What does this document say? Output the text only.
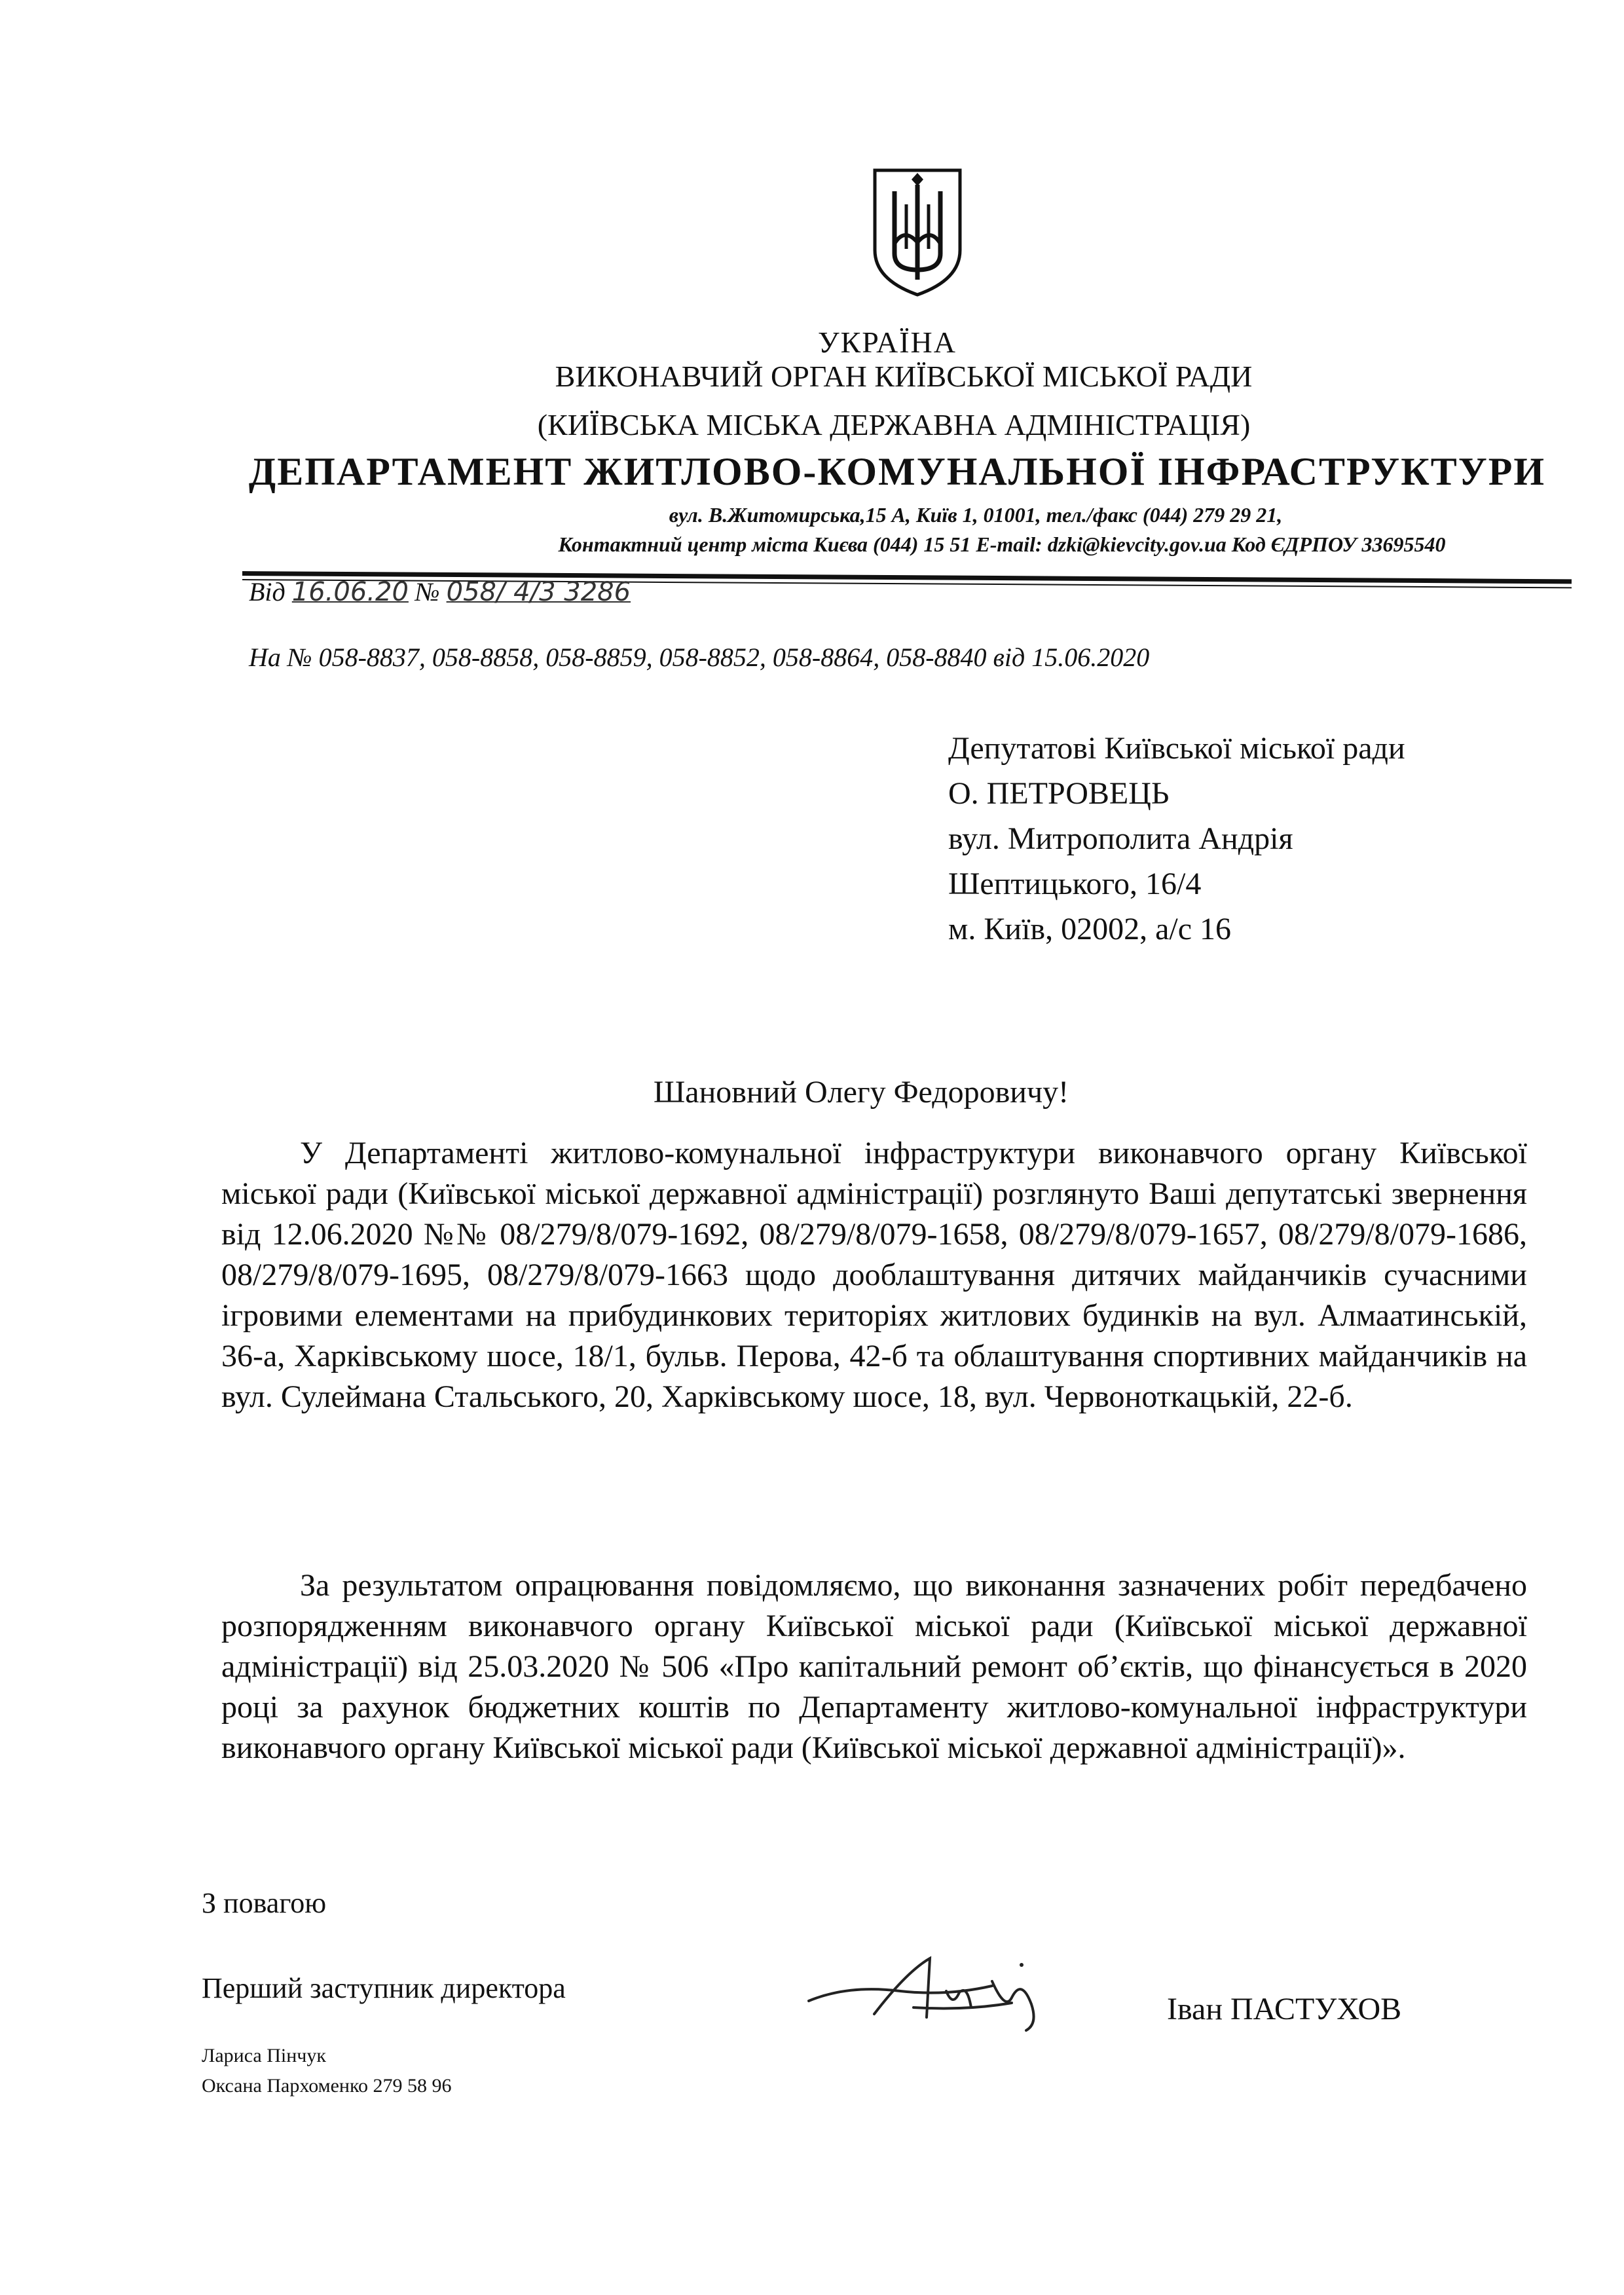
УКРАЇНА
ВИКОНАВЧИЙ ОРГАН КИЇВСЬКОЇ МІСЬКОЇ РАДИ
(КИЇВСЬКА МІСЬКА ДЕРЖАВНА АДМІНІСТРАЦІЯ)
ДЕПАРТАМЕНТ ЖИТЛОВО-КОМУНАЛЬНОЇ ІНФРАСТРУКТУРИ
вул. В.Житомирська,15 А, Київ 1, 01001, тел./факс (044) 279 29 21,
Контактний центр міста Києва (044) 15 51 E-mail: dzki@kievcity.gov.ua Код ЄДРПОУ 33695540
Від 16.06.20 № 058/ 4/3 3286
На № 058-8837, 058-8858, 058-8859, 058-8852, 058-8864, 058-8840 від 15.06.2020
Депутатові Київської міської ради
О. ПЕТРОВЕЦЬ
вул. Митрополита Андрія
Шептицького, 16/4
м. Київ, 02002, а/с 16
Шановний Олегу Федоровичу!
У Департаменті житлово-комунальної інфраструктури виконавчого органу Київської міської ради (Київської міської державної адміністрації) розглянуто Ваші депутатські звернення від 12.06.2020 №№ 08/279/8/079-1692, 08/279/8/079-1658, 08/279/8/079-1657, 08/279/8/079-1686, 08/279/8/079-1695, 08/279/8/079-1663 щодо дооблаштування дитячих майданчиків сучасними ігровими елементами на прибудинкових територіях житлових будинків на вул. Алмаатинській, 36-а, Харківському шосе, 18/1, бульв. Перова, 42-б та облаштування спортивних майданчиків на вул. Сулеймана Стальського, 20, Харківському шосе, 18, вул. Червоноткацькій, 22-б.
За результатом опрацювання повідомляємо, що виконання зазначених робіт передбачено розпорядженням виконавчого органу Київської міської ради (Київської міської державної адміністрації) від 25.03.2020 № 506 «Про капітальний ремонт об’єктів, що фінансується в 2020 році за рахунок бюджетних коштів по Департаменту житлово-комунальної інфраструктури виконавчого органу Київської міської ради (Київської міської державної адміністрації)».
З повагою
Перший заступник директора
Іван ПАСТУХОВ
Лариса Пінчук
Оксана Пархоменко 279 58 96
